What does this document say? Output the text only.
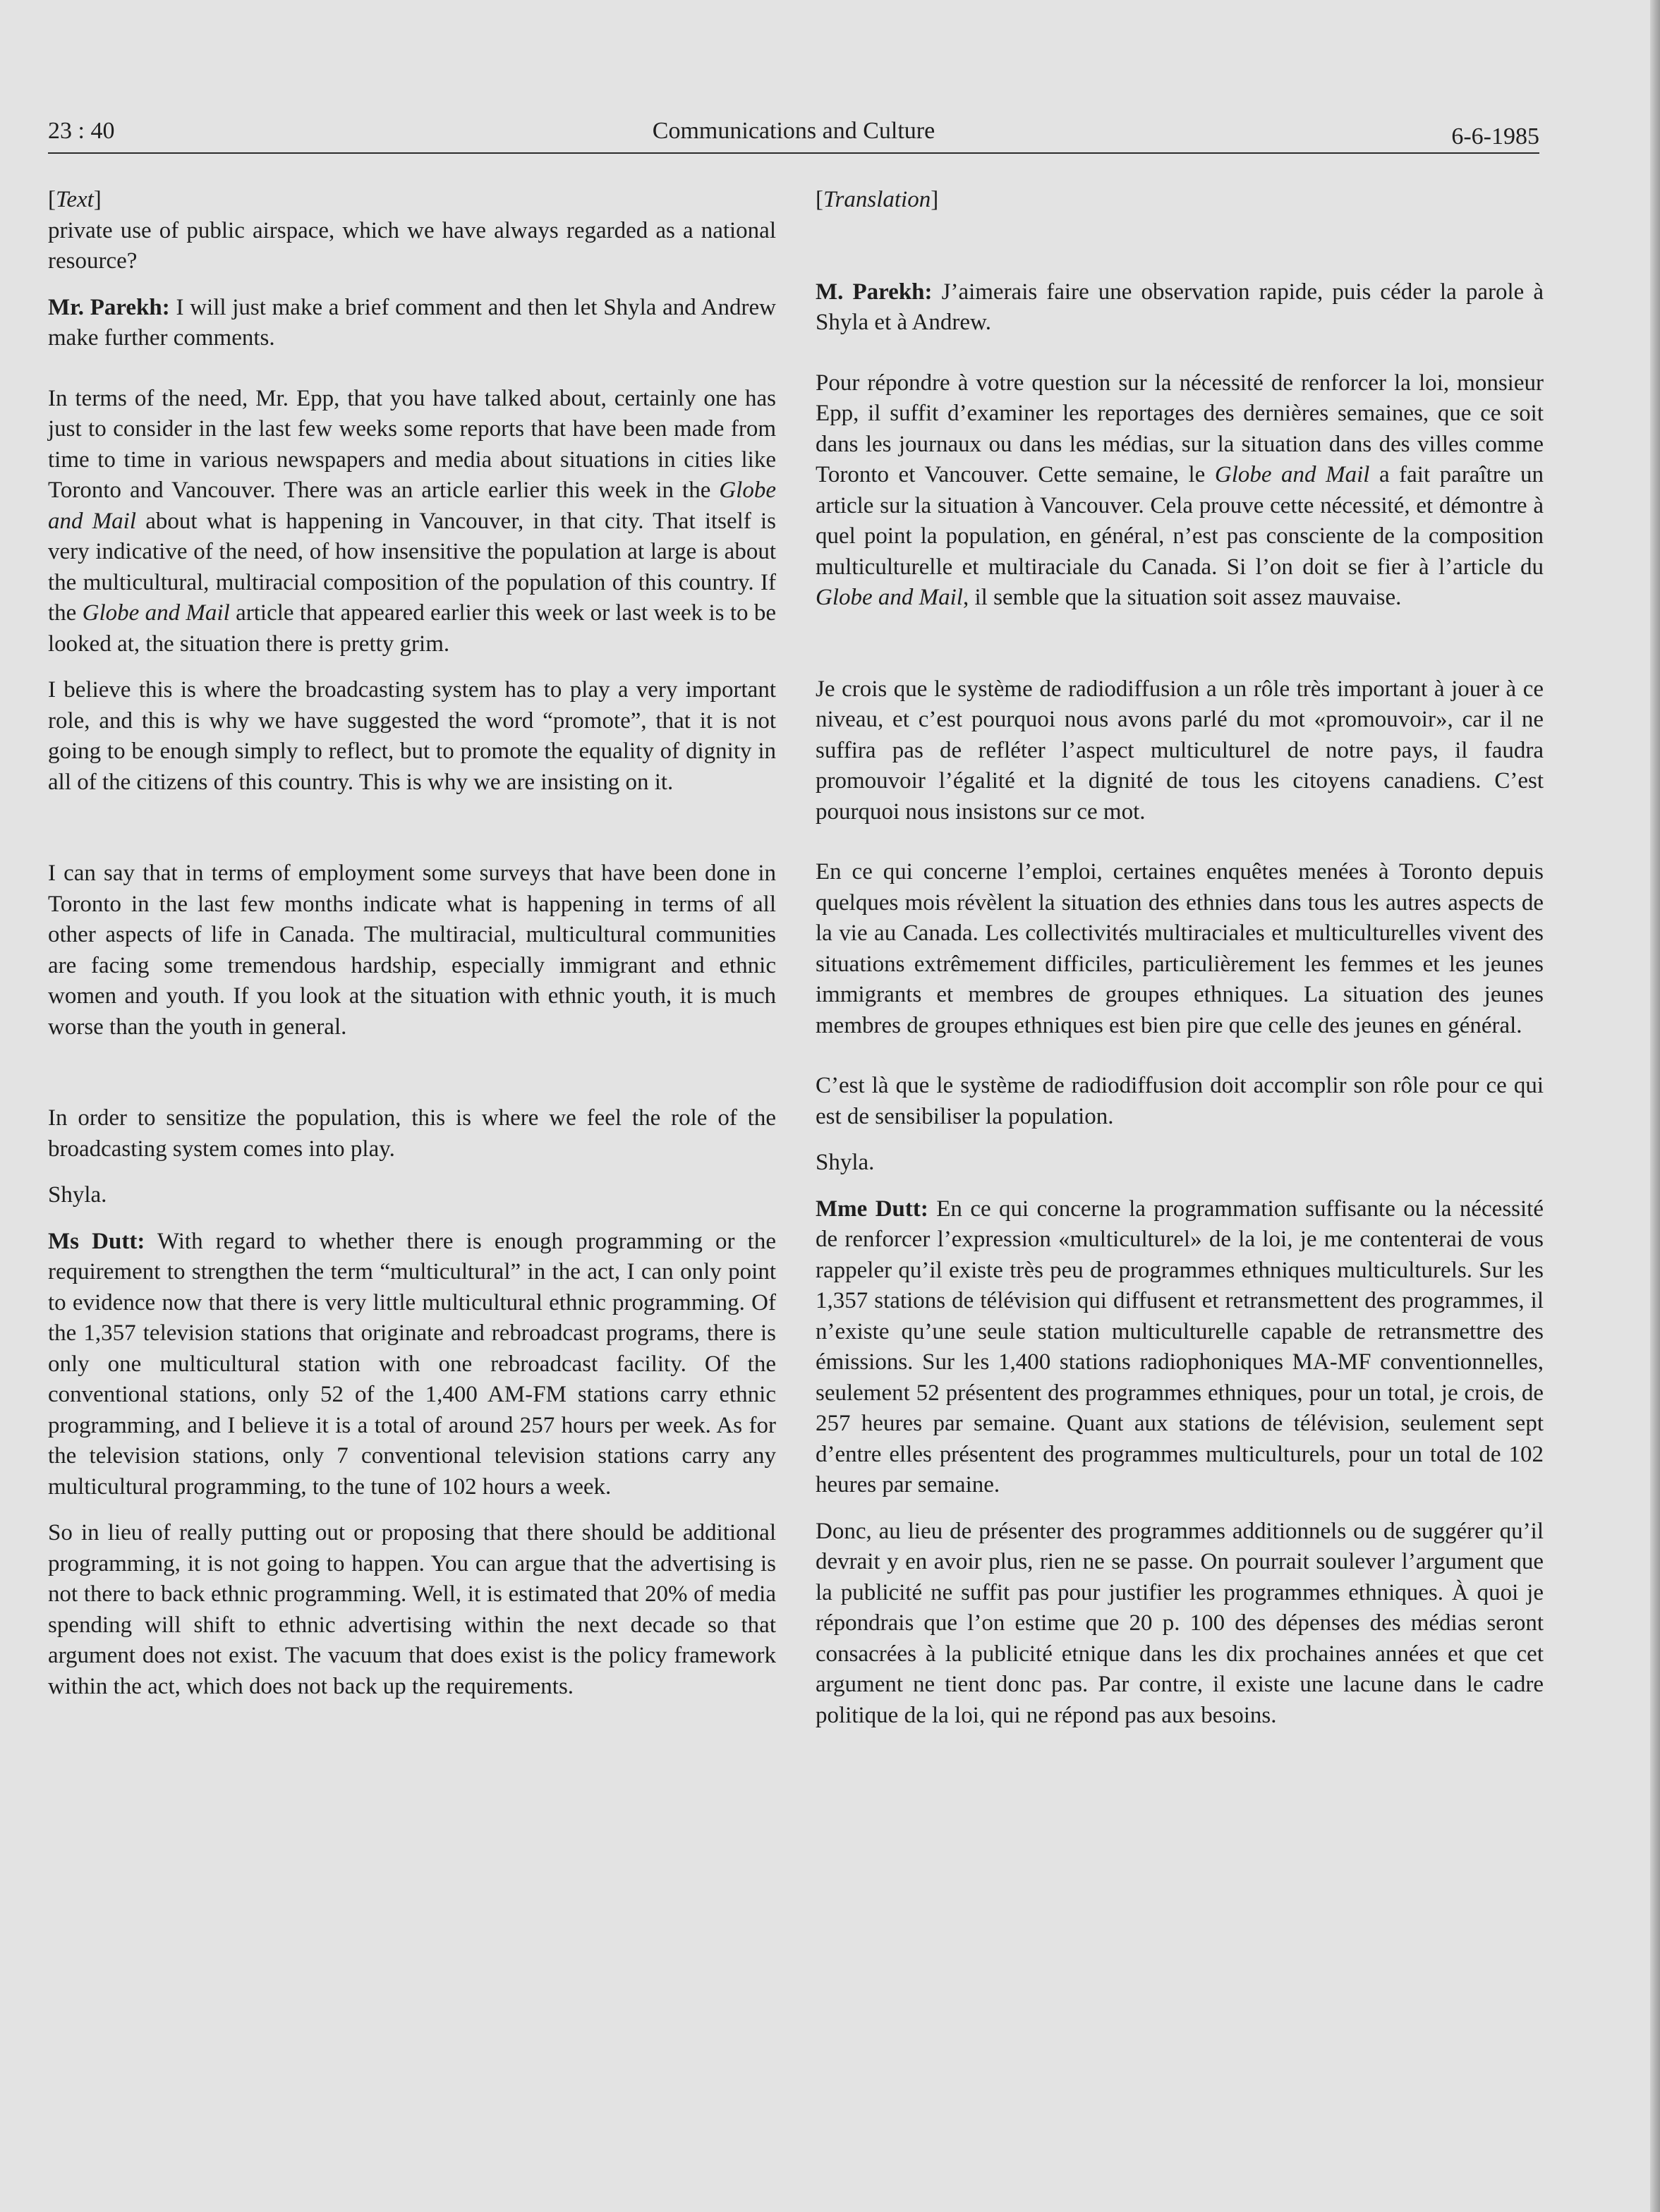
23 : 40	Communications and Culture	6-6-1985

[Text]

private use of public airspace, which we have always regarded as a national resource?

Mr. Parekh: I will just make a brief comment and then let Shyla and Andrew make further comments.

In terms of the need, Mr. Epp, that you have talked about, certainly one has just to consider in the last few weeks some reports that have been made from time to time in various newspapers and media about situations in cities like Toronto and Vancouver. There was an article earlier this week in the Globe and Mail about what is happening in Vancouver, in that city. That itself is very indicative of the need, of how insensitive the population at large is about the multicultural, multiracial composition of the population of this country. If the Globe and Mail article that appeared earlier this week or last week is to be looked at, the situation there is pretty grim.

I believe this is where the broadcasting system has to play a very important role, and this is why we have suggested the word “promote”, that it is not going to be enough simply to reflect, but to promote the equality of dignity in all of the citizens of this country. This is why we are insisting on it.

I can say that in terms of employment some surveys that have been done in Toronto in the last few months indicate what is happening in terms of all other aspects of life in Canada. The multiracial, multicultural communities are facing some tremendous hardship, especially immigrant and ethnic women and youth. If you look at the situation with ethnic youth, it is much worse than the youth in general.

In order to sensitize the population, this is where we feel the role of the broadcasting system comes into play.

Shyla.

Ms Dutt: With regard to whether there is enough programming or the requirement to strengthen the term “multicultural” in the act, I can only point to evidence now that there is very little multicultural ethnic programming. Of the 1,357 television stations that originate and rebroadcast programs, there is only one multicultural station with one rebroadcast facility. Of the conventional stations, only 52 of the 1,400 AM-FM stations carry ethnic programming, and I believe it is a total of around 257 hours per week. As for the television stations, only 7 conventional television stations carry any multicultural programming, to the tune of 102 hours a week.

So in lieu of really putting out or proposing that there should be additional programming, it is not going to happen. You can argue that the advertising is not there to back ethnic programming. Well, it is estimated that 20% of media spending will shift to ethnic advertising within the next decade so that argument does not exist. The vacuum that does exist is the policy framework within the act, which does not back up the requirements.

[Translation]

M. Parekh: J’aimerais faire une observation rapide, puis céder la parole à Shyla et à Andrew.

Pour répondre à votre question sur la nécessité de renforcer la loi, monsieur Epp, il suffit d’examiner les reportages des dernières semaines, que ce soit dans les journaux ou dans les médias, sur la situation dans des villes comme Toronto et Vancouver. Cette semaine, le Globe and Mail a fait paraître un article sur la situation à Vancouver. Cela prouve cette nécessité, et démontre à quel point la population, en général, n’est pas consciente de la composition multiculturelle et multiraciale du Canada. Si l’on doit se fier à l’article du Globe and Mail, il semble que la situation soit assez mauvaise.

Je crois que le système de radiodiffusion a un rôle très important à jouer à ce niveau, et c’est pourquoi nous avons parlé du mot «promouvoir», car il ne suffira pas de refléter l’aspect multiculturel de notre pays, il faudra promouvoir l’égalité et la dignité de tous les citoyens canadiens. C’est pourquoi nous insistons sur ce mot.

En ce qui concerne l’emploi, certaines enquêtes menées à Toronto depuis quelques mois révèlent la situation des ethnies dans tous les autres aspects de la vie au Canada. Les collectivités multiraciales et multiculturelles vivent des situations extrêmement difficiles, particulièrement les femmes et les jeunes immigrants et membres de groupes ethniques. La situation des jeunes membres de groupes ethniques est bien pire que celle des jeunes en général.

C’est là que le système de radiodiffusion doit accomplir son rôle pour ce qui est de sensibiliser la population.

Shyla.

Mme Dutt: En ce qui concerne la programmation suffisante ou la nécessité de renforcer l’expression «multiculturel» de la loi, je me contenterai de vous rappeler qu’il existe très peu de programmes ethniques multiculturels. Sur les 1,357 stations de télévision qui diffusent et retransmettent des programmes, il n’existe qu’une seule station multiculturelle capable de retransmettre des émissions. Sur les 1,400 stations radiophoniques MA-MF conventionnelles, seulement 52 présentent des programmes ethniques, pour un total, je crois, de 257 heures par semaine. Quant aux stations de télévision, seulement sept d’entre elles présentent des programmes multiculturels, pour un total de 102 heures par semaine.

Donc, au lieu de présenter des programmes additionnels ou de suggérer qu’il devrait y en avoir plus, rien ne se passe. On pourrait soulever l’argument que la publicité ne suffit pas pour justifier les programmes ethniques. À quoi je répondrais que l’on estime que 20 p. 100 des dépenses des médias seront consacrées à la publicité etnique dans les dix prochaines années et que cet argument ne tient donc pas. Par contre, il existe une lacune dans le cadre politique de la loi, qui ne répond pas aux besoins.
